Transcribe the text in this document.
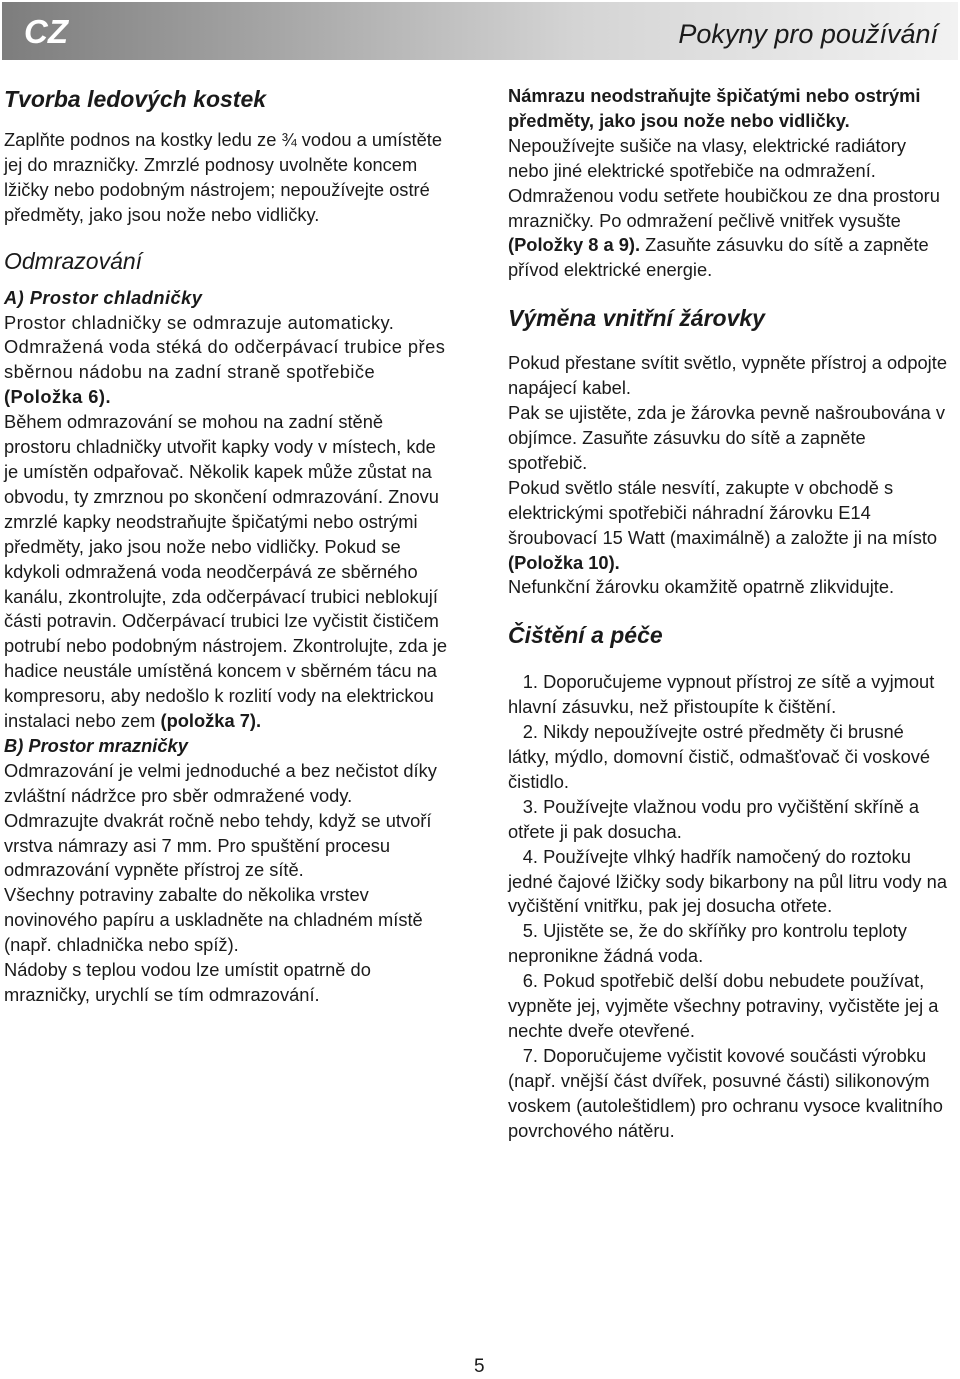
CZ	Pokyny pro používání

Tvorba ledových kostek

Zaplňte podnos na kostky ledu ze ¾ vodou a umístěte jej do mrazničky. Zmrzlé podnosy uvolněte koncem lžičky nebo podobným nástrojem; nepoužívejte ostré předměty, jako jsou nože nebo vidličky.

Odmrazování

A) Prostor chladničky

Prostor chladničky se odmrazuje automaticky. Odmražená voda stéká do odčerpávací trubice přes sběrnou nádobu na zadní straně spotřebiče (Položka 6).

Během odmrazování se mohou na zadní stěně prostoru chladničky utvořit kapky vody v místech, kde je umístěn odpařovač. Několik kapek může zůstat na obvodu, ty zmrznou po skončení odmrazování. Znovu zmrzlé kapky neodstraňujte špičatými nebo ostrými předměty, jako jsou nože nebo vidličky. Pokud se kdykoli odmražená voda neodčerpává ze sběrného kanálu, zkontrolujte, zda odčerpávací trubici neblokují části potravin. Odčerpávací trubici lze vyčistit čističem potrubí nebo podobným nástrojem. Zkontrolujte, zda je hadice neustále umístěná koncem v sběrném tácu na kompresoru, aby nedošlo k rozlití vody na elektrickou instalaci nebo zem (položka 7).

B) Prostor mrazničky

Odmrazování je velmi jednoduché a bez nečistot díky zvláštní nádržce pro sběr odmražené vody.

Odmrazujte dvakrát ročně nebo tehdy, když se utvoří vrstva námrazy asi 7 mm. Pro spuštění procesu odmrazování vypněte přístroj ze sítě.

Všechny potraviny zabalte do několika vrstev novinového papíru a uskladněte na chladném místě (např. chladnička nebo spíž).

Nádoby s teplou vodou lze umístit opatrně do mrazničky, urychlí se tím odmrazování.

Námrazu neodstraňujte špičatými nebo ostrými předměty, jako jsou nože nebo vidličky.

Nepoužívejte sušiče na vlasy, elektrické radiátory nebo jiné elektrické spotřebiče na odmražení.

Odmraženou vodu setřete houbičkou ze dna prostoru mrazničky. Po odmražení pečlivě vnitřek vysušte (Položky 8 a 9). Zasuňte zásuvku do sítě a zapněte přívod elektrické energie.

Výměna vnitřní žárovky

Pokud přestane svítit světlo, vypněte přístroj a odpojte napájecí kabel.

Pak se ujistěte, zda je žárovka pevně našroubována v objímce. Zasuňte zásuvku do sítě a zapněte spotřebič.

Pokud světlo stále nesvítí, zakupte v obchodě s elektrickými spotřebiči náhradní žárovku E14 šroubovací 15 Watt (maximálně) a založte ji na místo (Položka 10).

Nefunkční žárovku okamžitě opatrně zlikvidujte.

Čištění a péče

1. Doporučujeme vypnout přístroj ze sítě a vyjmout hlavní zásuvku, než přistoupíte k čištění.
2. Nikdy nepoužívejte ostré předměty či brusné látky, mýdlo, domovní čistič, odmašťovač či voskové čistidlo.
3. Používejte vlažnou vodu pro vyčištění skříně a otřete ji pak dosucha.
4. Používejte vlhký hadřík namočený do roztoku jedné čajové lžičky sody bikarbony na půl litru vody na vyčištění vnitřku, pak jej dosucha otřete.
5. Ujistěte se, že do skříňky pro kontrolu teploty nepronikne žádná voda.
6. Pokud spotřebič delší dobu nebudete používat, vypněte jej, vyjměte všechny potraviny, vyčistěte jej a nechte dveře otevřené.
7. Doporučujeme vyčistit kovové součásti výrobku (např. vnější část dvířek, posuvné části) silikonovým voskem (autoleštidlem) pro ochranu vysoce kvalitního povrchového nátěru.
5
